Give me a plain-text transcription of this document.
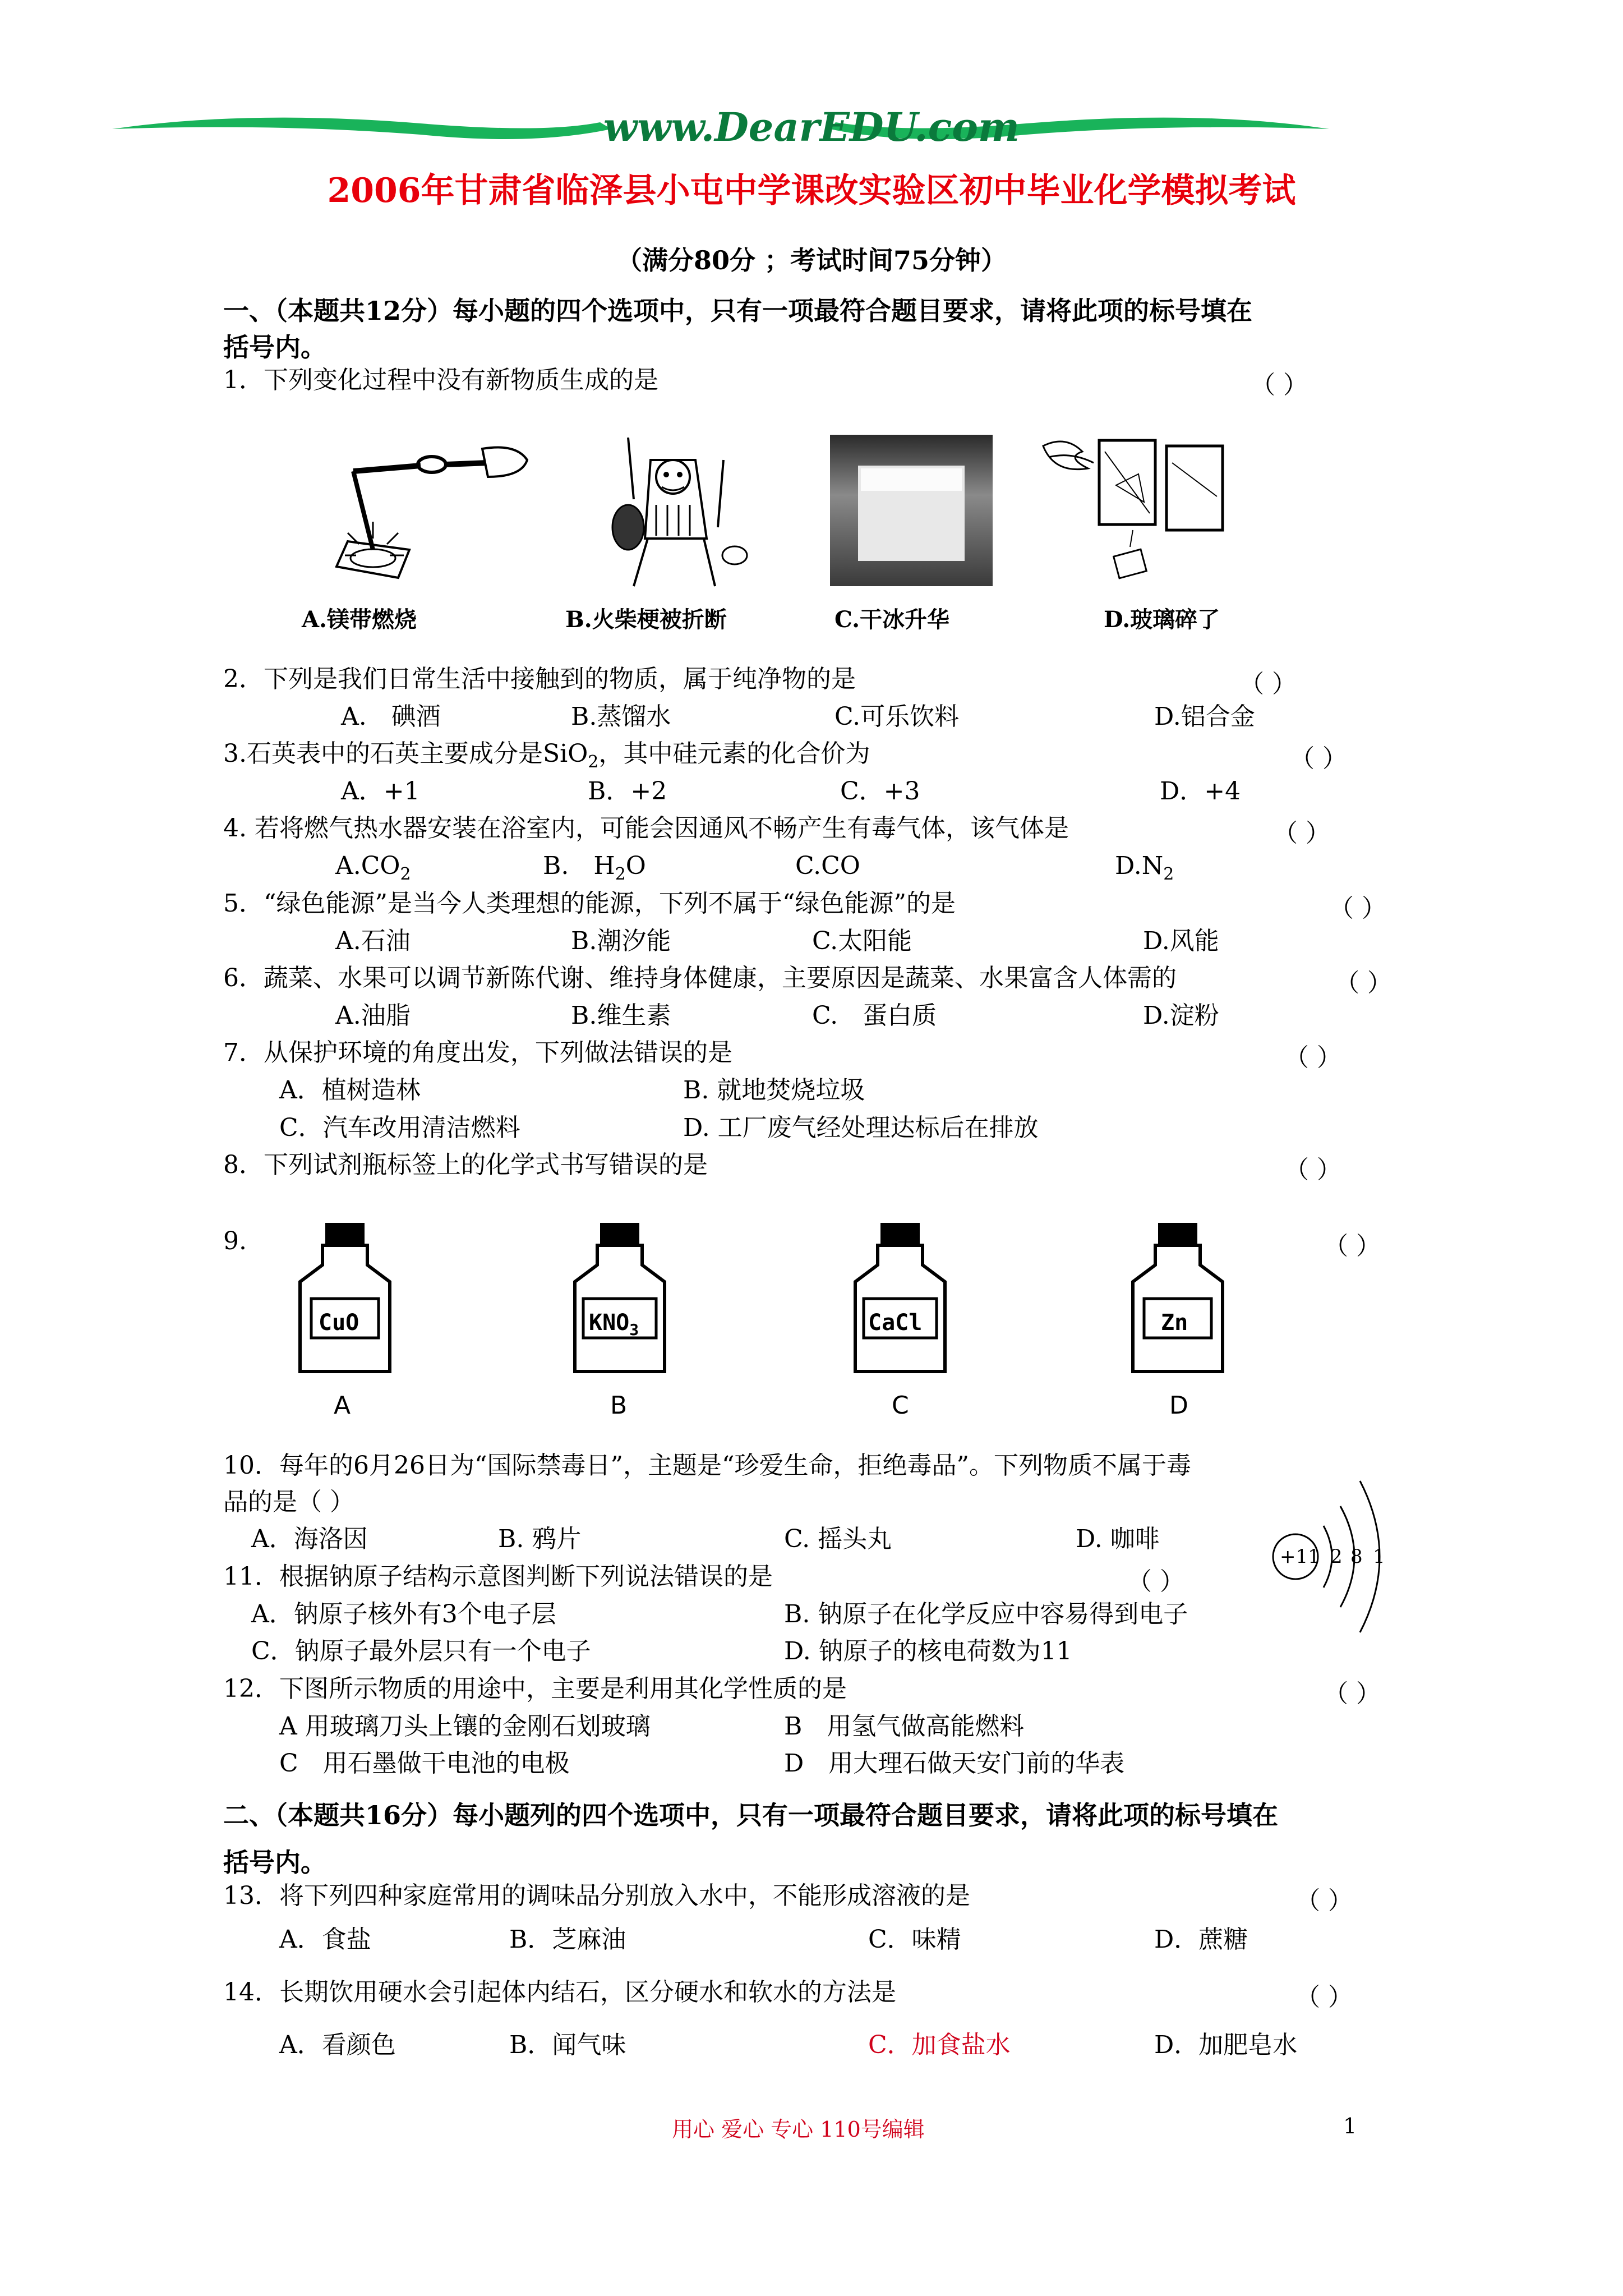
www.DearEDU.com
2006年甘肃省临泽县小屯中学课改实验区初中毕业化学模拟考试
（满分80分 ；考试时间75分钟）
一、（本题共12分）每小题的四个选项中，只有一项最符合题目要求，请将此项的标号填在
括号内。
1．下列变化过程中没有新物质生成的是	（ ）
A.镁带燃烧	B.火柴梗被折断	C.干冰升华	D.玻璃碎了
2．下列是我们日常生活中接触到的物质，属于纯净物的是	（ ）
A.　碘酒	B.蒸馏水	C.可乐饮料	D.铝合金
3.石英表中的石英主要成分是SiO$_2$，其中硅元素的化合价为	（ ）
A．+1	B．+2	C．+3	D．+4
4. 若将燃气热水器安装在浴室内，可能会因通风不畅产生有毒气体，该气体是	（ ）
$A.CO_2$	B.　$H_2O$	C.CO	$D.N_2$
5．“绿色能源”是当今人类理想的能源，下列不属于“绿色能源”的是	（ ）
A.石油	B.潮汐能	C.太阳能	D.风能
6．蔬菜、水果可以调节新陈代谢、维持身体健康，主要原因是蔬菜、水果富含人体需的	（ ）
A.油脂	B.维生素	C.　蛋白质	D.淀粉
7．从保护环境的角度出发，下列做法错误的是	（ ）
A．植树造林	B. 就地焚烧垃圾
C．汽车改用清洁燃料	D. 工厂废气经处理达标后在排放
8．下列试剂瓶标签上的化学式书写错误的是	（ ）
9.	（ ）
CuO	$KNO_3$	CaCl	Zn
A	B	C	D
10．每年的6月26日为“国际禁毒日”，主题是“珍爱生命，拒绝毒品”。下列物质不属于毒
品的是（ ）
A．海洛因	B. 鸦片	C. 摇头丸	D. 咖啡
+11 2 8 1
11．根据钠原子结构示意图判断下列说法错误的是	（ ）
A．钠原子核外有3个电子层	B. 钠原子在化学反应中容易得到电子
C．钠原子最外层只有一个电子	D. 钠原子的核电荷数为11
12．下图所示物质的用途中，主要是利用其化学性质的是	（ ）
A 用玻璃刀头上镶的金刚石划玻璃	B　用氢气做高能燃料
C　用石墨做干电池的电极	D　用大理石做天安门前的华表
二、（本题共16分）每小题列的四个选项中，只有一项最符合题目要求，请将此项的标号填在
括号内。
13．将下列四种家庭常用的调味品分别放入水中，不能形成溶液的是	（ ）
A．食盐	B．芝麻油	C．味精	D．蔗糖
14．长期饮用硬水会引起体内结石，区分硬水和软水的方法是	（ ）
A．看颜色	B．闻气味	C．加食盐水	D．加肥皂水
用心 爱心 专心 110号编辑	1
